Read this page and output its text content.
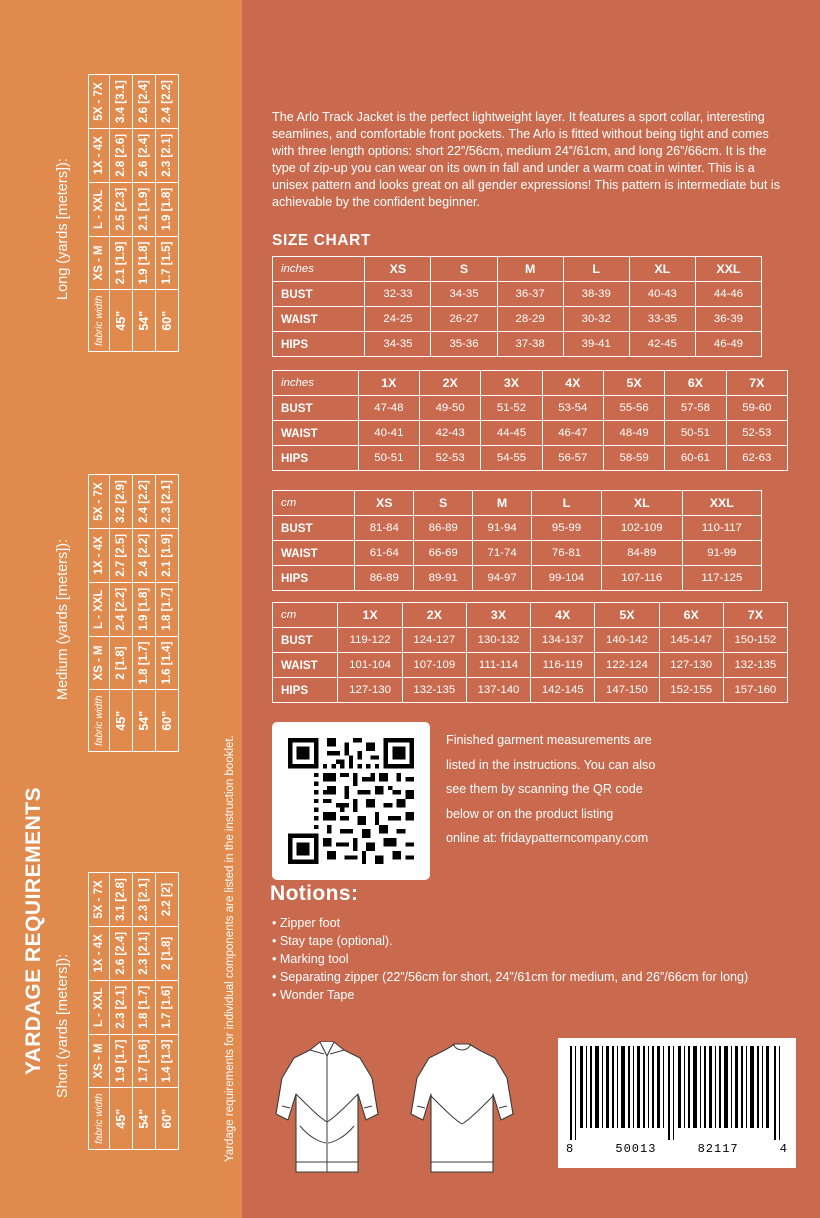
YARDAGE REQUIREMENTS	Yardage requirements for individual components are listed in the instruction booklet.
Short (yards [meters]):
Medium (yards [meters]):
Long (yards [meters]):
fabric width	XS - M	L - XXL	1X - 4X	5X - 7X
45"	1.9 [1.7]	2.3 [2.1]	2.6 [2.4]	3.1 [2.8]
54"	1.7 [1.6]	1.8 [1.7]	2.3 [2.1]	2.3 [2.1]
60"	1.4 [1.3]	1.7 [1.6]	2 [1.8]	2.2 [2]
fabric width	XS - M	L - XXL	1X - 4X	5X - 7X
45"	2 [1.8]	2.4 [2.2]	2.7 [2.5]	3.2 [2.9]
54"	1.8 [1.7]	1.9 [1.8]	2.4 [2.2]	2.4 [2.2]
60"	1.6 [1.4]	1.8 [1.7]	2.1 [1.9]	2.3 [2.1]
fabric width	XS - M	L - XXL	1X - 4X	5X - 7X
45"	2.1 [1.9]	2.5 [2.3]	2.8 [2.6]	3.4 [3.1]
54"	1.9 [1.8]	2.1 [1.9]	2.6 [2.4]	2.6 [2.4]
60"	1.7 [1.5]	1.9 [1.8]	2.3 [2.1]	2.4 [2.2]	The Arlo Track Jacket is the perfect lightweight layer. It features a sport collar, interesting seamlines, and comfortable front pockets. The Arlo is fitted without being tight and comes with three length options: short 22”/56cm, medium 24”/61cm, and long 26”/66cm. It is the type of zip-up you can wear on its own in fall and under a warm coat in winter. This is a unisex pattern and looks great on all gender expressions! This pattern is intermediate but is achievable by the confident beginner.

SIZE CHART
inches	XS	S	M	L	XL	XXL
BUST	32-33	34-35	36-37	38-39	40-43	44-46
WAIST	24-25	26-27	28-29	30-32	33-35	36-39
HIPS	34-35	35-36	37-38	39-41	42-45	46-49
inches	1X	2X	3X	4X	5X	6X	7X
BUST	47-48	49-50	51-52	53-54	55-56	57-58	59-60
WAIST	40-41	42-43	44-45	46-47	48-49	50-51	52-53
HIPS	50-51	52-53	54-55	56-57	58-59	60-61	62-63
cm	XS	S	M	L	XL	XXL
BUST	81-84	86-89	91-94	95-99	102-109	110-117
WAIST	61-64	66-69	71-74	76-81	84-89	91-99
HIPS	86-89	89-91	94-97	99-104	107-116	117-125
cm	1X	2X	3X	4X	5X	6X	7X
BUST	119-122	124-127	130-132	134-137	140-142	145-147	150-152
WAIST	101-104	107-109	111-114	116-119	122-124	127-130	132-135
HIPS	127-130	132-135	137-140	142-145	147-150	152-155	157-160
Finished garment measurements are
listed in the instructions. You can also
see them by scanning the QR code
below or on the product listing
online at: fridaypatterncompany.com
Notions:
• Zipper foot
• Stay tape (optional).
• Marking tool
• Separating zipper (22”/56cm for short, 24”/61cm for medium, and 26”/66cm for long)
• Wonder Tape
8	50013	82117	4
